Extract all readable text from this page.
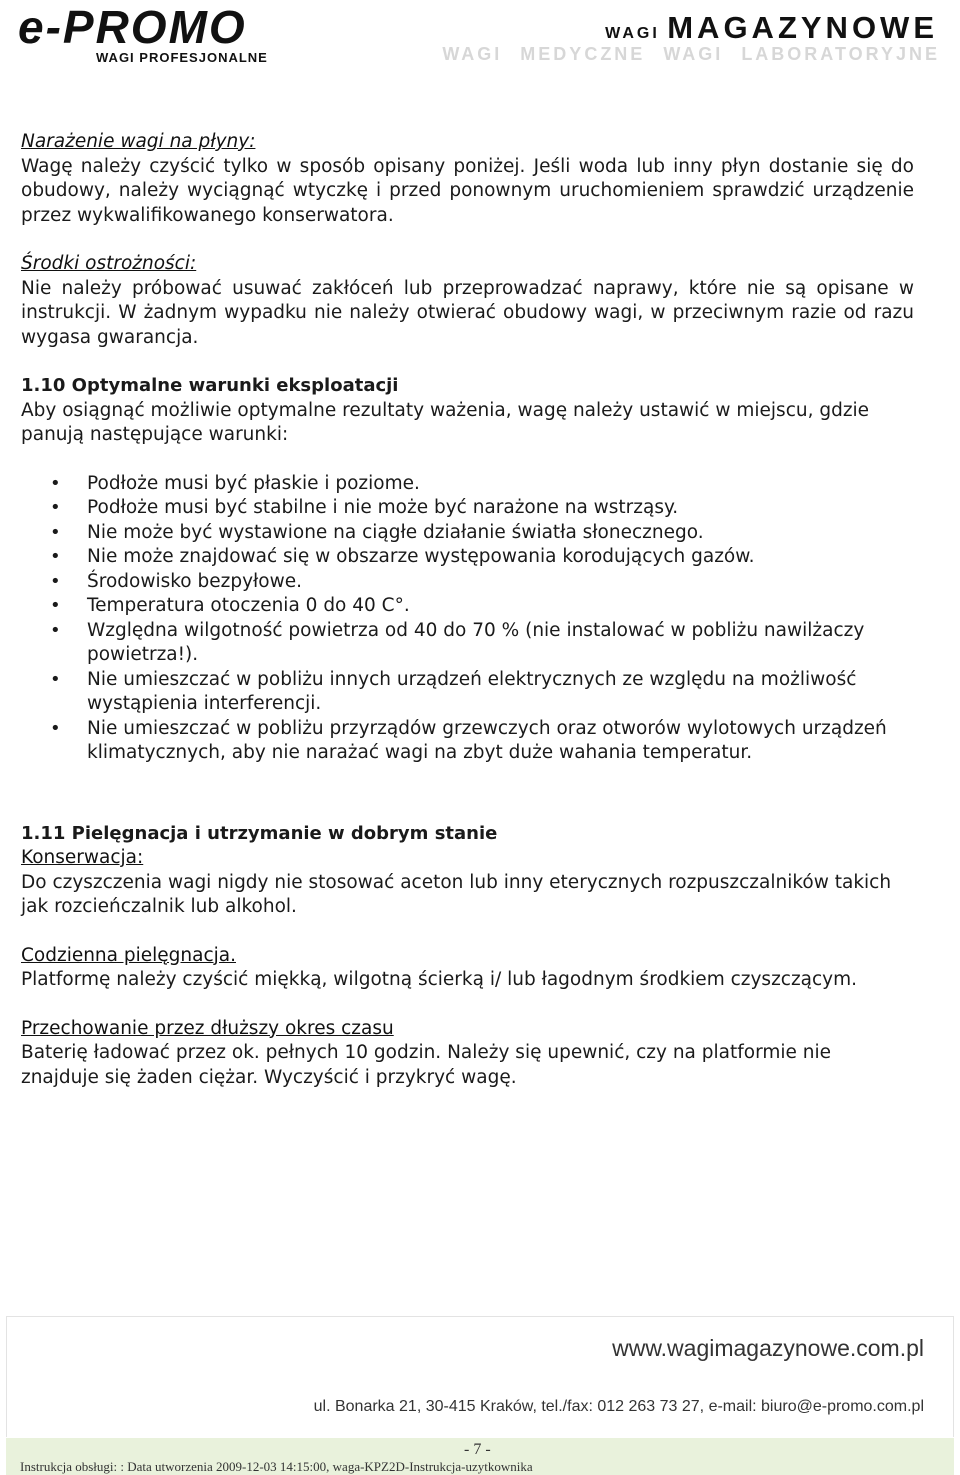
e-PROMO
WAGI PROFESJONALNE
WAGI MAGAZYNOWE
WAGI MEDYCZNE WAGI LABORATORYJNE

Narażenie wagi na płyny:

Wagę należy czyścić tylko w sposób opisany poniżej. Jeśli woda lub inny płyn dostanie się do obudowy, należy wyciągnąć wtyczkę i przed ponownym uruchomieniem sprawdzić urządzenie przez wykwalifikowanego konserwatora.

Środki ostrożności:

Nie należy próbować usuwać zakłóceń lub przeprowadzać naprawy, które nie są opisane w instrukcji. W żadnym wypadku nie należy otwierać obudowy wagi, w przeciwnym razie od razu wygasa gwarancja.

1.10 Optymalne warunki eksploatacji

Aby osiągnąć możliwie optymalne rezultaty ważenia, wagę należy ustawić w miejscu, gdzie panują następujące warunki:

• Podłoże musi być płaskie i poziome.
• Podłoże musi być stabilne i nie może być narażone na wstrząsy.
• Nie może być wystawione na ciągłe działanie światła słonecznego.
• Nie może znajdować się w obszarze występowania korodujących gazów.
• Środowisko bezpyłowe.
• Temperatura otoczenia 0 do 40 C°.
• Względna wilgotność powietrza od 40 do 70 % (nie instalować w pobliżu nawilżaczy powietrza!).
• Nie umieszczać w pobliżu innych urządzeń elektrycznych ze względu na możliwość wystąpienia interferencji.
• Nie umieszczać w pobliżu przyrządów grzewczych oraz otworów wylotowych urządzeń klimatycznych, aby nie narażać wagi na zbyt duże wahania temperatur.

1.11 Pielęgnacja i utrzymanie w dobrym stanie

Konserwacja:

Do czyszczenia wagi nigdy nie stosować aceton lub inny eterycznych rozpuszczalników takich jak rozcieńczalnik lub alkohol.

Codzienna pielęgnacja.

Platformę należy czyścić miękką, wilgotną ścierką i/ lub łagodnym środkiem czyszczącym.

Przechowanie przez dłuższy okres czasu

Baterię ładować przez ok. pełnych 10 godzin. Należy się upewnić, czy na platformie nie znajduje się żaden ciężar. Wyczyścić i przykryć wagę.

www.wagimagazynowe.com.pl
ul. Bonarka 21, 30-415 Kraków, tel./fax: 012 263 73 27, e-mail: biuro@e-promo.com.pl
- 7 -
Instrukcja obsługi: : Data utworzenia 2009-12-03 14:15:00, waga-KPZ2D-Instrukcja-uzytkownika
